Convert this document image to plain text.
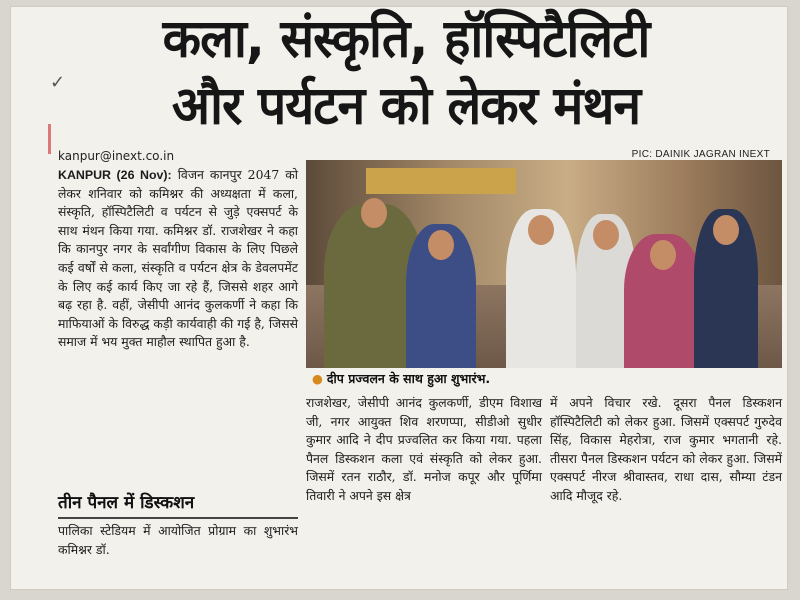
✓
कला, संस्कृति, हॉस्पिटैलिटी
और पर्यटन को लेकर मंथन
kanpur@inext.co.in	PIC: DAINIK JAGRAN INEXT
KANPUR (26 Nov): विजन कानपुर 2047 को लेकर शनिवार को कमिश्नर की अध्यक्षता में कला, संस्कृति, हॉस्पिटैलिटी व पर्यटन से जुड़े एक्सपर्ट के साथ मंथन किया गया. कमिश्नर डॉ. राजशेखर ने कहा कि कानपुर नगर के सर्वांगीण विकास के लिए पिछले कई वर्षों से कला, संस्कृति व पर्यटन क्षेत्र के डेवलपमेंट के लिए कई कार्य किए जा रहे हैं, जिससे शहर आगे बढ़ रहा है. वहीं, जेसीपी आनंद कुलकर्णी ने कहा कि माफियाओं के विरुद्ध कड़ी कार्यवाही की गई है, जिससे समाज में भय मुक्त माहौल स्थापित हुआ है.
तीन पैनल में डिस्कशन
पालिका स्टेडियम में आयोजित प्रोग्राम का शुभारंभ कमिश्नर डॉ.
● दीप प्रज्वलन के साथ हुआ शुभारंभ.
राजशेखर, जेसीपी आनंद कुलकर्णी, डीएम विशाख जी, नगर आयुक्त शिव शरणप्पा, सीडीओ सुधीर कुमार आदि ने दीप प्रज्वलित कर किया गया. पहला पैनल डिस्कशन कला एवं संस्कृति को लेकर हुआ. जिसमें रतन राठौर, डॉ. मनोज कपूर और पूर्णिमा तिवारी ने अपने इस क्षेत्र
में अपने विचार रखे. दूसरा पैनल डिस्कशन हॉस्पिटैलिटी को लेकर हुआ. जिसमें एक्सपर्ट गुरुदेव सिंह, विकास मेहरोत्रा, राज कुमार भगतानी रहे. तीसरा पैनल डिस्कशन पर्यटन को लेकर हुआ. जिसमें एक्सपर्ट नीरज श्रीवास्तव, राधा दास, सौम्या टंडन आदि मौजूद रहे.
